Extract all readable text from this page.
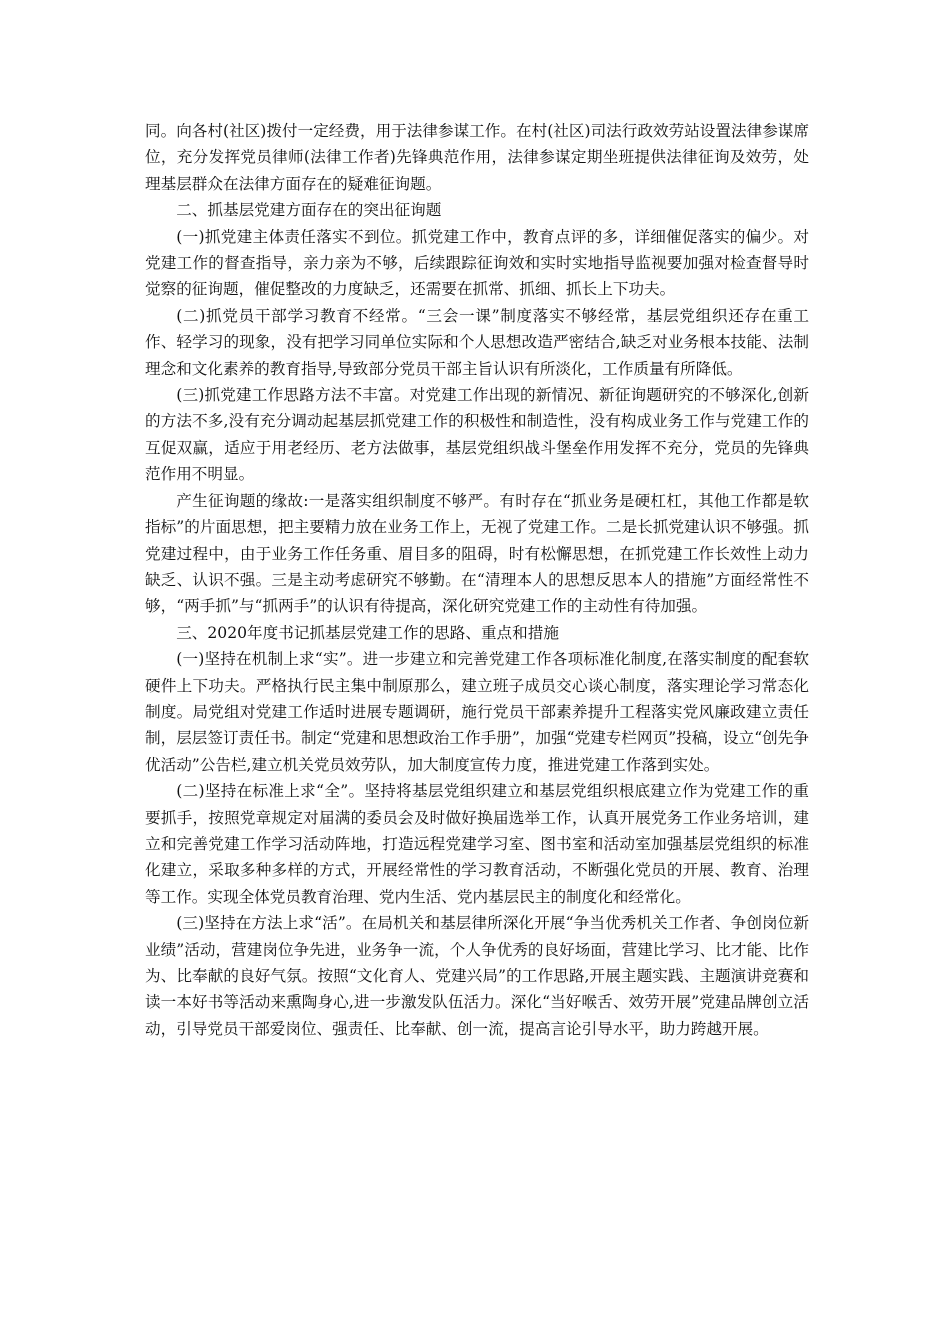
同。向各村(社区)拨付一定经费，用于法律参谋工作。在村(社区)司法行政效劳站设置法律参谋席位，充分发挥党员律师(法律工作者)先锋典范作用，法律参谋定期坐班提供法律征询及效劳，处理基层群众在法律方面存在的疑难征询题。

二、抓基层党建方面存在的突出征询题

(一)抓党建主体责任落实不到位。抓党建工作中，教育点评的多，详细催促落实的偏少。对党建工作的督查指导，亲力亲为不够，后续跟踪征询效和实时实地指导监视要加强对检查督导时觉察的征询题，催促整改的力度缺乏，还需要在抓常、抓细、抓长上下功夫。

(二)抓党员干部学习教育不经常。“三会一课”制度落实不够经常，基层党组织还存在重工作、轻学习的现象，没有把学习同单位实际和个人思想改造严密结合,缺乏对业务根本技能、法制理念和文化素养的教育指导,导致部分党员干部主旨认识有所淡化，工作质量有所降低。

(三)抓党建工作思路方法不丰富。对党建工作出现的新情况、新征询题研究的不够深化,创新的方法不多,没有充分调动起基层抓党建工作的积极性和制造性，没有构成业务工作与党建工作的互促双赢，适应于用老经历、老方法做事，基层党组织战斗堡垒作用发挥不充分，党员的先锋典范作用不明显。

产生征询题的缘故:一是落实组织制度不够严。有时存在“抓业务是硬杠杠，其他工作都是软指标”的片面思想，把主要精力放在业务工作上，无视了党建工作。二是长抓党建认识不够强。抓党建过程中，由于业务工作任务重、眉目多的阻碍，时有松懈思想，在抓党建工作长效性上动力缺乏、认识不强。三是主动考虑研究不够勤。在“清理本人的思想反思本人的措施”方面经常性不够，“两手抓”与“抓两手”的认识有待提高，深化研究党建工作的主动性有待加强。

三、2020年度书记抓基层党建工作的思路、重点和措施

(一)坚持在机制上求“实”。进一步建立和完善党建工作各项标准化制度,在落实制度的配套软硬件上下功夫。严格执行民主集中制原那么，建立班子成员交心谈心制度，落实理论学习常态化制度。局党组对党建工作适时进展专题调研，施行党员干部素养提升工程落实党风廉政建立责任制，层层签订责任书。制定“党建和思想政治工作手册”，加强“党建专栏网页”投稿，设立“创先争优活动”公告栏,建立机关党员效劳队，加大制度宣传力度，推进党建工作落到实处。

(二)坚持在标准上求“全”。坚持将基层党组织建立和基层党组织根底建立作为党建工作的重要抓手，按照党章规定对届满的委员会及时做好换届选举工作，认真开展党务工作业务培训，建立和完善党建工作学习活动阵地，打造远程党建学习室、图书室和活动室加强基层党组织的标准化建立，采取多种多样的方式，开展经常性的学习教育活动，不断强化党员的开展、教育、治理等工作。实现全体党员教育治理、党内生活、党内基层民主的制度化和经常化。

(三)坚持在方法上求“活”。在局机关和基层律所深化开展“争当优秀机关工作者、争创岗位新业绩”活动，营建岗位争先进，业务争一流，个人争优秀的良好场面，营建比学习、比才能、比作为、比奉献的良好气氛。按照“文化育人、党建兴局”的工作思路,开展主题实践、主题演讲竞赛和读一本好书等活动来熏陶身心,进一步激发队伍活力。深化“当好喉舌、效劳开展”党建品牌创立活动，引导党员干部爱岗位、强责任、比奉献、创一流，提高言论引导水平，助力跨越开展。
